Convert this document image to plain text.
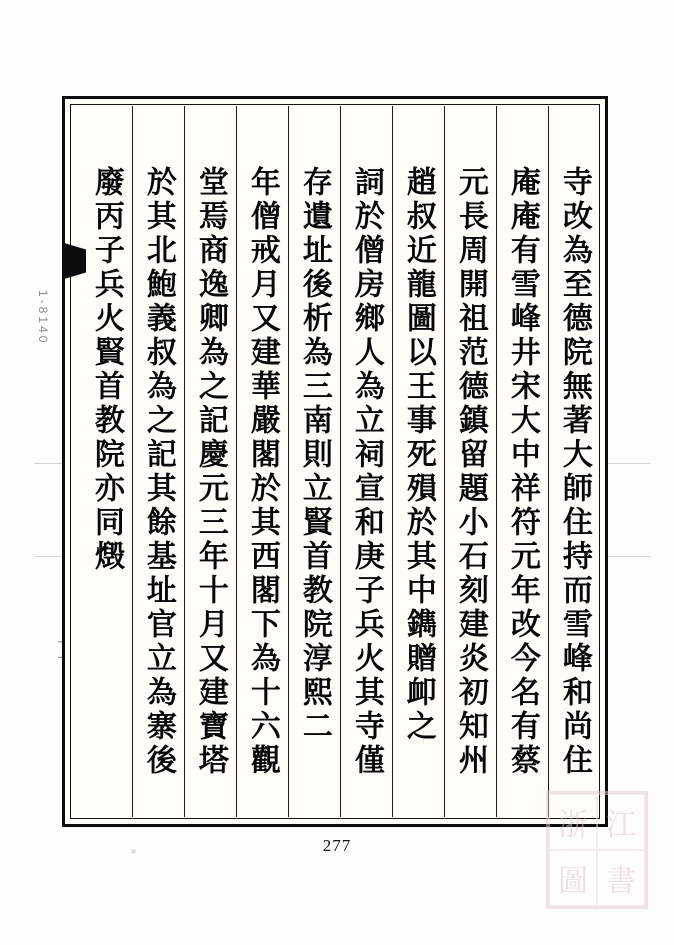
1-8140	寺改為至德院無著大師住持而雪峰和尚住
庵庵有雪峰井宋大中祥符元年改今名有蔡
元長周開祖范德鎮留題小石刻建炎初知州
趙叔近龍圖以王事死殞於其中鐫贈卹之
詞於僧房鄉人為立祠宣和庚子兵火其寺僅
存遺址後析為三南則立賢首教院淳熙二
年僧戒月又建華嚴閣於其西閣下為十六觀
堂焉商逸卿為之記慶元三年十月又建寶塔
於其北鮑義叔為之記其餘基址官立為寨後
廢丙子兵火賢首教院亦同燬
277
浙 江
圖 書
